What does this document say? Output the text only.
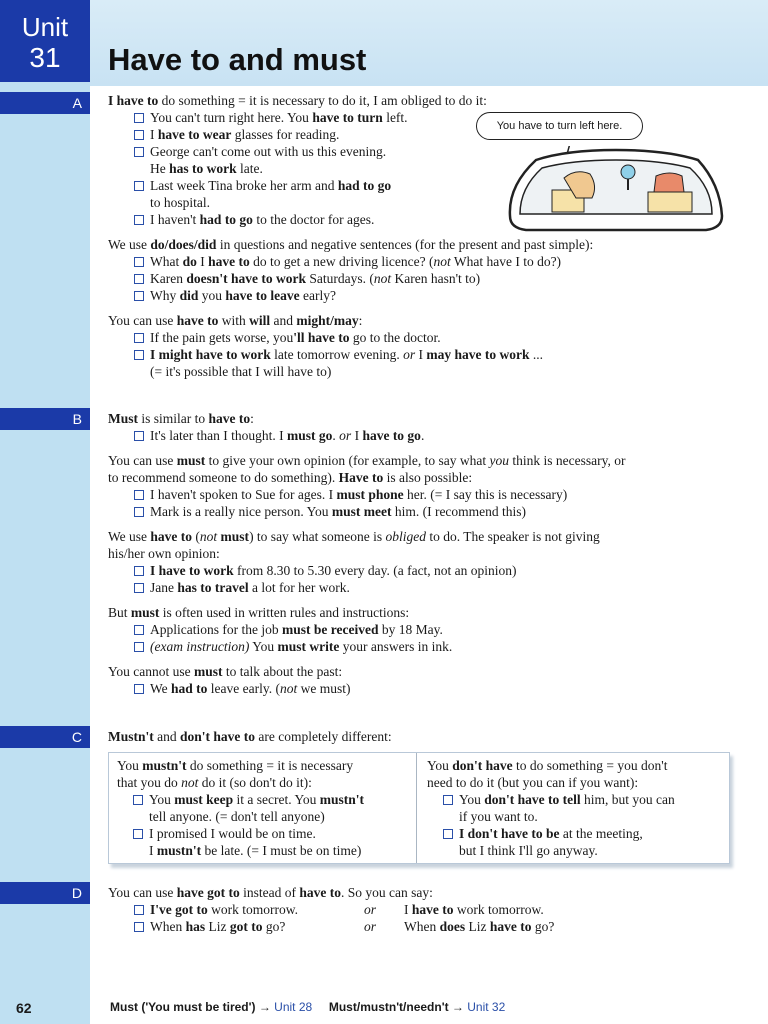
Unit
31	Have to and must
A
B
C
D

I have to do something = it is necessary to do it, I am obliged to do it:

You can't turn right here. You have to turn left.

I have to wear glasses for reading.

George can't come out with us this evening.

He has to work late.

Last week Tina broke her arm and had to go

to hospital.

I haven't had to go to the doctor for ages.

We use do/does/did in questions and negative sentences (for the present and past simple):

What do I have to do to get a new driving licence? (not What have I to do?)

Karen doesn't have to work Saturdays. (not Karen hasn't to)

Why did you have to leave early?

You can use have to with will and might/may:

If the pain gets worse, you'll have to go to the doctor.

I might have to work late tomorrow evening. or I may have to work ...

(= it's possible that I will have to)

You have to turn left here.

Must is similar to have to:

It's later than I thought. I must go. or I have to go.

You can use must to give your own opinion (for example, to say what you think is necessary, or

to recommend someone to do something). Have to is also possible:

I haven't spoken to Sue for ages. I must phone her. (= I say this is necessary)

Mark is a really nice person. You must meet him. (I recommend this)

We use have to (not must) to say what someone is obliged to do. The speaker is not giving

his/her own opinion:

I have to work from 8.30 to 5.30 every day. (a fact, not an opinion)

Jane has to travel a lot for her work.

But must is often used in written rules and instructions:

Applications for the job must be received by 18 May.

(exam instruction) You must write your answers in ink.

You cannot use must to talk about the past:

We had to leave early. (not we must)

Mustn't and don't have to are completely different:

You mustn't do something = it is necessary

that you do not do it (so don't do it):

You must keep it a secret. You mustn't

tell anyone. (= don't tell anyone)

I promised I would be on time.

I mustn't be late. (= I must be on time)

You don't have to do something = you don't

need to do it (but you can if you want):

You don't have to tell him, but you can

if you want to.

I don't have to be at the meeting,

but I think I'll go anyway.

You can use have got to instead of have to. So you can say:

I've got to work tomorrow.	or I have to work tomorrow.

When has Liz got to go?	or When does Liz have to go?

62	Must ('You must be tired') → Unit 28 Must/mustn't/needn't → Unit 32
